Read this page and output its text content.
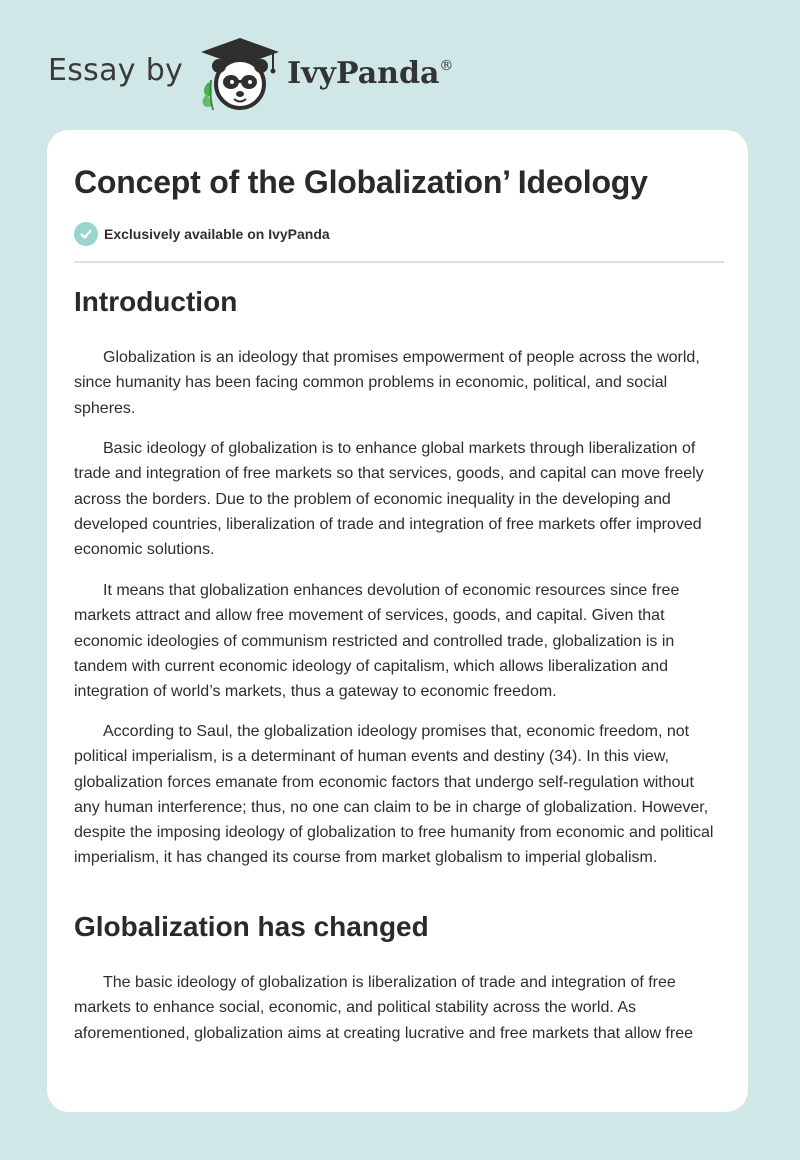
Essay by	IvyPanda®
Concept of the Globalization’ Ideology
Exclusively available on IvyPanda
Introduction

Globalization is an ideology that promises empowerment of people across the world, since humanity has been facing common problems in economic, political, and social spheres.

Basic ideology of globalization is to enhance global markets through liberalization of trade and integration of free markets so that services, goods, and capital can move freely across the borders. Due to the problem of economic inequality in the developing and developed countries, liberalization of trade and integration of free markets offer improved economic solutions.

It means that globalization enhances devolution of economic resources since free markets attract and allow free movement of services, goods, and capital. Given that economic ideologies of communism restricted and controlled trade, globalization is in tandem with current economic ideology of capitalism, which allows liberalization and integration of world’s markets, thus a gateway to economic freedom.

According to Saul, the globalization ideology promises that, economic freedom, not political imperialism, is a determinant of human events and destiny (34). In this view, globalization forces emanate from economic factors that undergo self-regulation without any human interference; thus, no one can claim to be in charge of globalization. However, despite the imposing ideology of globalization to free humanity from economic and political imperialism, it has changed its course from market globalism to imperial globalism.

Globalization has changed

The basic ideology of globalization is liberalization of trade and integration of free markets to enhance social, economic, and political stability across the world. As aforementioned, globalization aims at creating lucrative and free markets that allow free
